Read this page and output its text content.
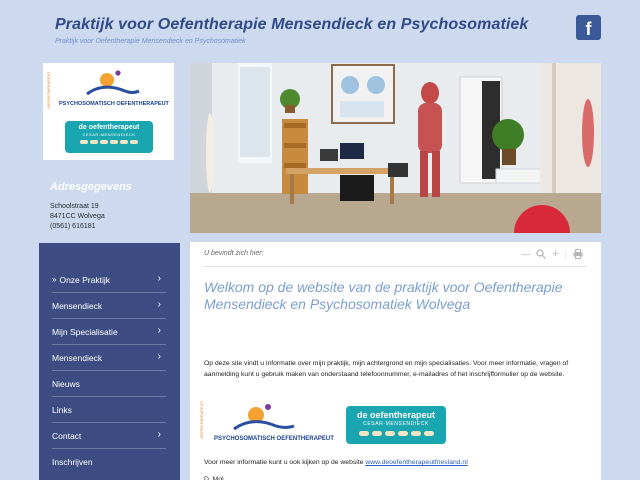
Praktijk voor Oefentherapie Mensendieck en Psychosomatiek
Praktijk voor Oefentherapie Mensendieck en Psychosomatiek
f
OEFENTHERAPEUT PSYCHOSOMATISCH OEFENTHERAPEUT
de oefentherapeut
CESAR-MENSENDIECK
Adresgegevens
Schoolstraat 19
8471CC Wolvega
(0561) 616181
» Onze Praktijk	›
Mensendieck	›
Mijn Specialisatie	›
Mensendieck	›
Nieuws
Links
Contact	›
Inschrijven
U bevindt zich hier:	— + |
Welkom op de website van de praktijk voor Oefentherapie Mensendieck en Psychosomatiek Wolvega
Op deze site vindt u informatie over mijn praktijk, mijn achtergrond en mijn specialisaties. Voor meer informatie, vragen of aanmelding kunt u gebruik maken van onderstaand telefoonnummer, e-mailadres of het inschrijfformulier op de website.
OEFENTHERAPEUT
PSYCHOSOMATISCH OEFENTHERAPEUT
de oefentherapeut
CESAR-MENSENDIECK
Voor meer informatie kunt u ook kijken op de website www.deoefentherapeutfriesland.nl
D. Mol
